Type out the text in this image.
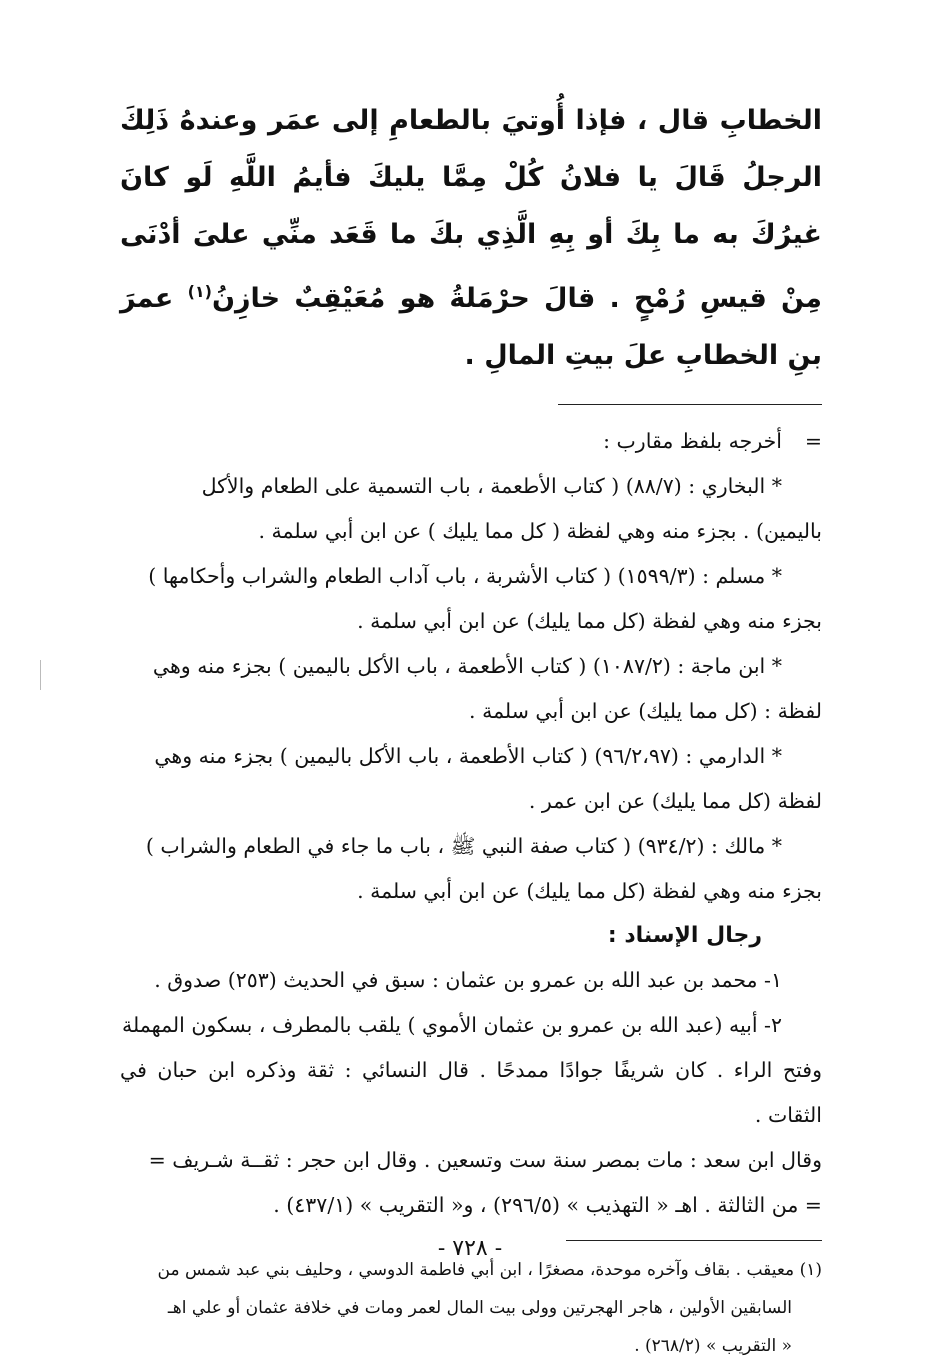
الخطابِ قال ، فإذا أُوتيَ بالطعامِ إلى عمَر وعندهُ ذَلِكَ الرجلُ قَالَ يا فلانُ كُلْ مِمَّا يليكَ فأيمُ اللَّهِ لَو كانَ غيرُكَ به ما بِكَ أو بِهِ الَّذِي بكَ ما قَعَد منِّي علىَ أدْنَى مِنْ قيسِ رُمْحٍ . قالَ حرْمَلةُ هو مُعَيْقِبٌ خازِنُ$^{(١)}$ عمرَ بنِ الخطابِ علَ بيتِ المالِ .

=أخرجه بلفظ مقارب :

* البخاري : (٨٨/٧) ( كتاب الأطعمة ، باب التسمية على الطعام والأكل

باليمين) . بجزء منه وهي لفظة ( كل مما يليك ) عن ابن أبي سلمة .

* مسلم : (١٥٩٩/٣) ( كتاب الأشربة ، باب آداب الطعام والشراب وأحكامها )

بجزء منه وهي لفظة (كل مما يليك) عن ابن أبي سلمة .

* ابن ماجة : (١٠٨٧/٢) ( كتاب الأطعمة ، باب الأكل باليمين ) بجزء منه وهي

لفظة : (كل مما يليك) عن ابن أبي سلمة .

* الدارمي : (٩٦/٢،٩٧) ( كتاب الأطعمة ، باب الأكل باليمين ) بجزء منه وهي

لفظة (كل مما يليك) عن ابن عمر .

* مالك : (٩٣٤/٢) ( كتاب صفة النبي ﷺ ، باب ما جاء في الطعام والشراب )

بجزء منه وهي لفظة (كل مما يليك) عن ابن أبي سلمة .

رجال الإسناد :

١- محمد بن عبد الله بن عمرو بن عثمان : سبق في الحديث (٢٥٣) صدوق .

٢- أبيه (عبد الله بن عمرو بن عثمان الأموي ) يلقب بالمطرف ، بسكون المهملة

وفتح الراء . كان شريفًا جوادًا ممدحًا . قال النسائي : ثقة وذكره ابن حبان في الثقات .

وقال ابن سعد : مات بمصر سنة ست وتسعين . وقال ابن حجر : ثقــة شـريف =

= من الثالثة . اهـ « التهذيب » (٢٩٦/٥) ، و« التقريب » (٤٣٧/١) .

(١) معيقب . بقاف وآخره موحدة، مصغرًا ، ابن أبي فاطمة الدوسي ، وحليف بني عبد شمس من

السابقين الأولين ، هاجر الهجرتين وولى بيت المال لعمر ومات في خلافة عثمان أو علي اهـ

« التقريب » (٢٦٨/٢) .

- ٧٢٨ -
